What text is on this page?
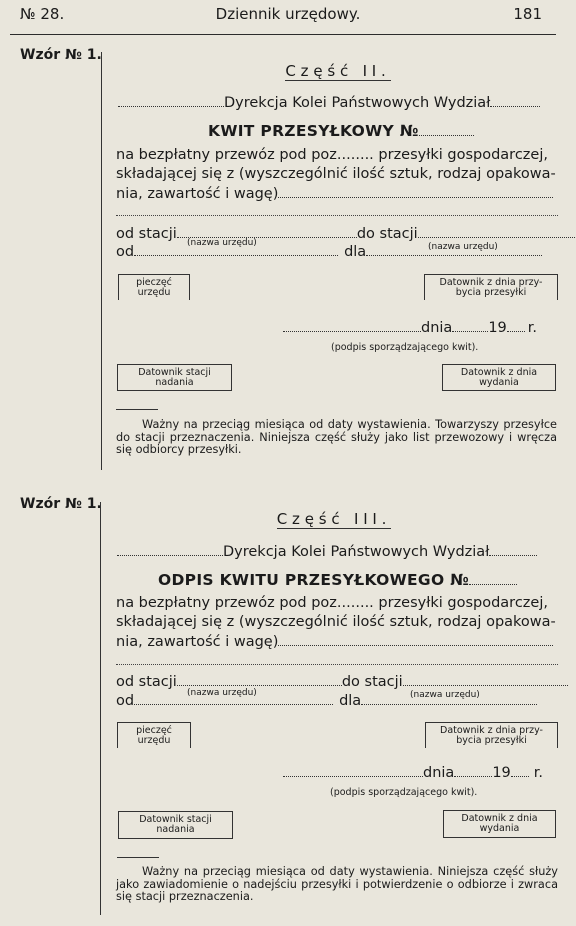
№ 28.	Dziennik urzędowy.	181
Wzór № 1.
Część II.
Dyrekcja Kolei Państwowych Wydział
KWIT PRZESYŁKOWY №
na bezpłatny przewóz pod poz........ przesyłki gospodarczej,
składającej się z (wyszczególnić ilość sztuk, rodzaj opakowa-
nia, zawartość i wagę)
od stacji	do stacji
od	dla
(nazwa urzędu)	(nazwa urzędu)
pieczęć
urzędu
Datownik z dnia przy-
bycia przesyłki
dnia 19 r.
(podpis sporządzającego kwit).
Datownik stacji
nadania
Datownik z dnia
wydania
Ważny na przeciąg miesiąca od daty wystawienia. Towarzyszy przesyłce do stacji przeznaczenia. Niniejsza część służy jako list przewozowy i wręcza się odbiorcy przesyłki.
Wzór № 1.
Część III.
Dyrekcja Kolei Państwowych Wydział
ODPIS KWITU PRZESYŁKOWEGO №
na bezpłatny przewóz pod poz........ przesyłki gospodarczej,
składającej się z (wyszczególnić ilość sztuk, rodzaj opakowa-
nia, zawartość i wagę)
od stacji	do stacji
od	dla
(nazwa urzędu)	(nazwa urzędu)
pieczęć
urzędu
Datownik z dnia przy-
bycia przesyłki
dnia	19 r.
(podpis sporządzającego kwit).
Datownik stacji
nadania
Datownik z dnia
wydania
Ważny na przeciąg miesiąca od daty wystawienia. Niniejsza część służy jako zawiadomienie o nadejściu przesyłki i potwierdzenie o odbiorze i zwraca się stacji przeznaczenia.
